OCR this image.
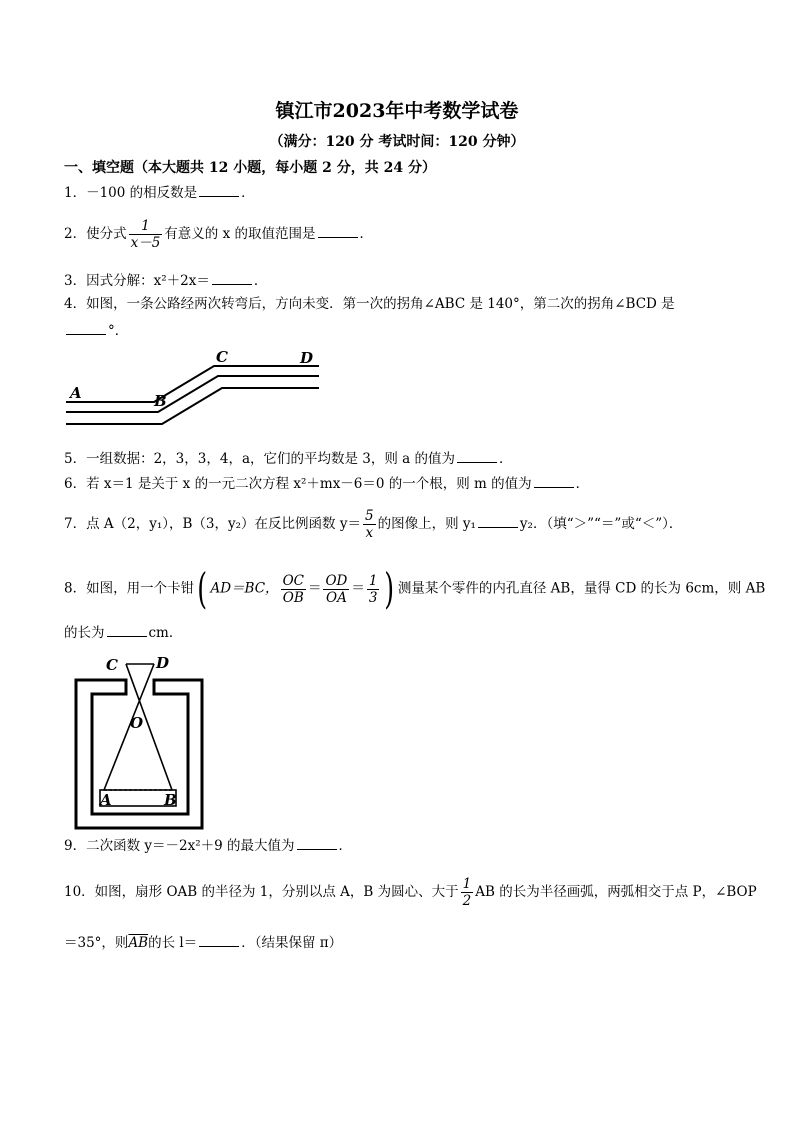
镇江市2023年中考数学试卷
（满分：120 分 考试时间：120 分钟）
一、填空题（本大题共 12 小题，每小题 2 分，共 24 分）
1．－100 的相反数是	．
2．使分式 $\frac{1}{x-5}$ 有意义的 x 的取值范围是	．
3．因式分解：x²＋2x＝	．
4．如图，一条公路经两次转弯后，方向未变．第一次的拐角∠ABC 是 140°，第二次的拐角∠BCD 是
°．
A	B
C	D
5．一组数据：2，3，3，4，a，它们的平均数是 3，则 a 的值为	．
6．若 x＝1 是关于 x 的一元二次方程 x²＋mx－6＝0 的一个根，则 m 的值为	．
7．点 A（2，y₁），B（3，y₂）在反比例函数 $y= \frac{5}{x}$ 的图像上，则 y₁	y₂．（填“＞”“＝”或“＜”）．
8．如图，用一个卡钳( AD＝BC， $\frac{OC}{OB} = \frac{OD}{OA} = \frac{1}{3}$ ) 测量某个零件的内孔直径 AB，量得 CD 的长为 6cm，则 AB
的长为	cm．
C	D
O
A	B
9．二次函数 y＝－2x²＋9 的最大值为	．
10．如图，扇形 OAB 的半径为 1，分别以点 A，B 为圆心、大于 $\frac{1}{2}$ AB 的长为半径画弧，两弧相交于点 P，∠BOP
＝35°，则$\overline{AB}$的长 l＝	．（结果保留 π）
